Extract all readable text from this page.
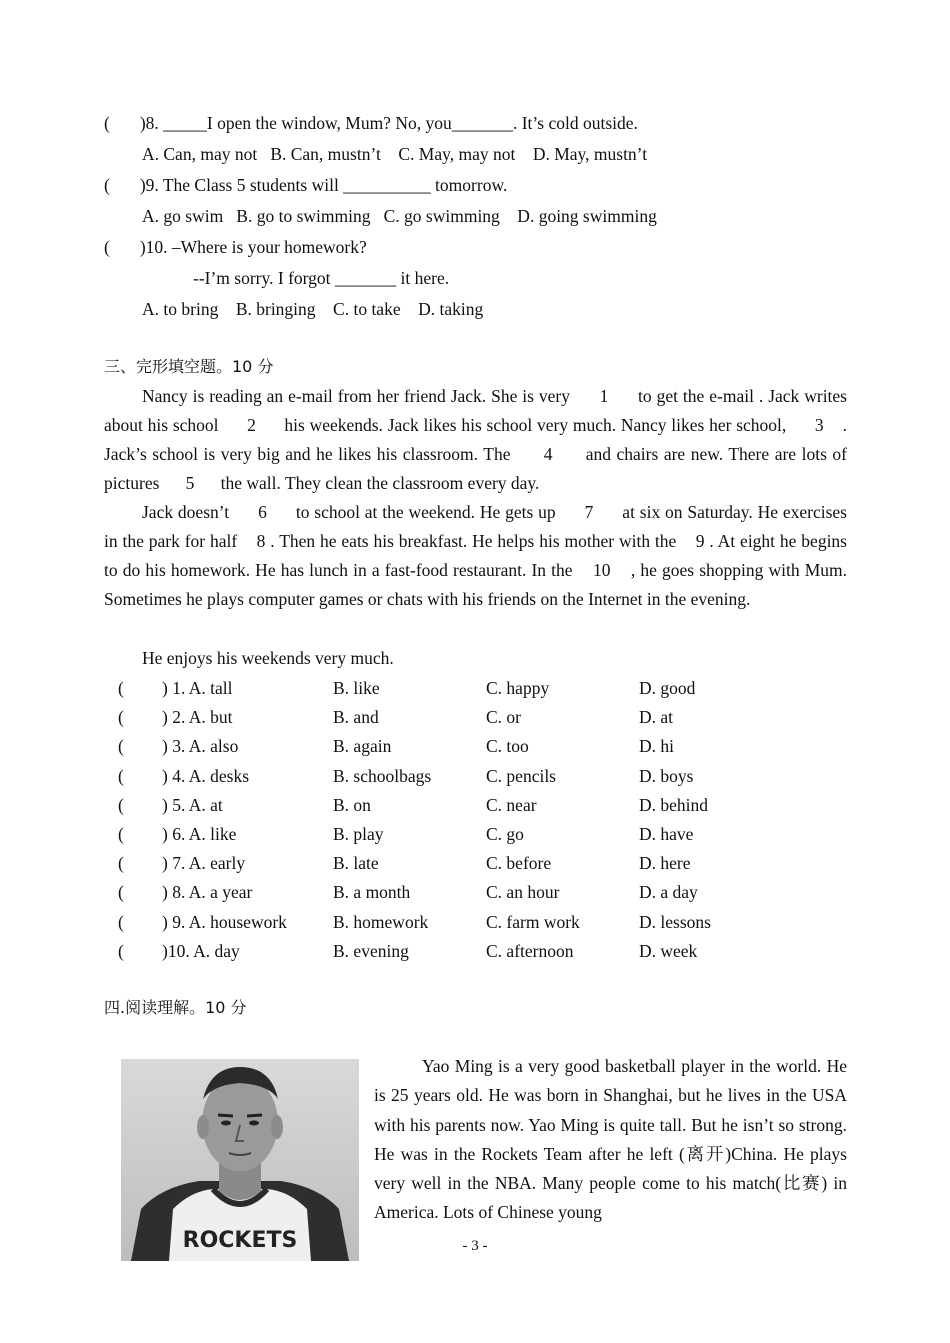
( )8. _____I open the window, Mum? No, you_______. It’s cold outside.
A. Can, may not   B. Can, mustn’t    C. May, may not    D. May, mustn’t
( )9. The Class 5 students will __________ tomorrow.
A. go swim   B. go to swimming   C. go swimming    D. going swimming
( )10. –Where is your homework?
--I’m sorry. I forgot _______ it here.
A. to bring    B. bringing    C. to take    D. taking
三、完形填空题。10 分
Nancy is reading an e-mail from her friend Jack. She is very      1      to get the e-mail . Jack writes about his school      2      his weekends. Jack likes his school very much. Nancy likes her school,      3    . Jack’s school is very big and he likes his classroom. The      4      and chairs are new. There are lots of pictures      5      the wall. They clean the classroom every day.
Jack doesn’t      6      to school at the weekend. He gets up      7      at six on Saturday. He exercises in the park for half    8 . Then he eats his breakfast. He helps his mother with the    9 . At eight he begins to do his homework. He has lunch in a fast-food restaurant. In the    10    , he goes shopping with Mum. Sometimes he plays computer games or chats with his friends on the Internet in the evening.
He enjoys his weekends very much.
( ) 1. A. tall	B. like	C. happy	D. good
( ) 2. A. but	B. and	C. or	D. at
( ) 3. A. also	B. again	C. too	D. hi
( ) 4. A. desks	B. schoolbags	C. pencils	D. boys
( ) 5. A. at	B. on	C. near	D. behind
( ) 6. A. like	B. play	C. go	D. have
( ) 7. A. early	B. late	C. before	D. here
( ) 8. A. a year	B. a month	C. an hour	D. a day
( ) 9. A. housework	B. homework	C. farm work	D. lessons
( )10. A. day	B. evening	C. afternoon	D. week
四.阅读理解。10 分
ROCKETS
Yao Ming is a very good basketball player in the world. He is 25 years old. He was born in Shanghai, but he lives in the USA with his parents now. Yao Ming is quite tall. But he isn’t so strong. He was in the Rockets Team after he left (离开)China. He plays very well in the NBA. Many people come to his match(比赛) in America. Lots of Chinese young
- 3 -
